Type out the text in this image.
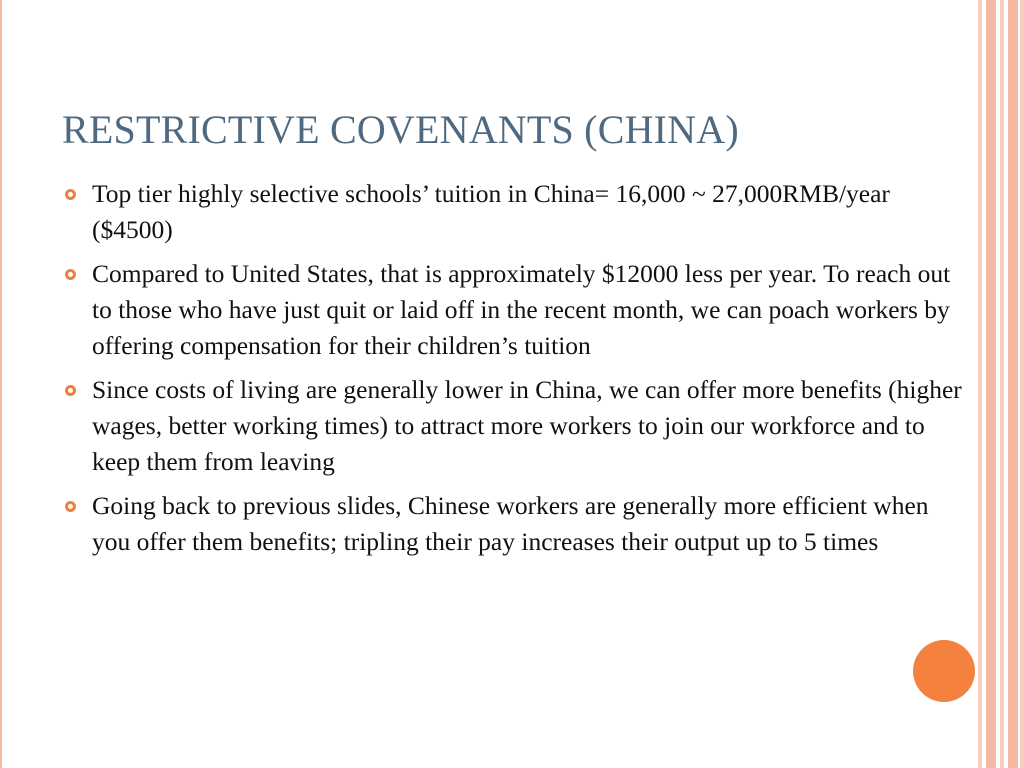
RESTRICTIVE COVENANTS (CHINA)
Top tier highly selective schools’ tuition in China= 16,000 ~ 27,000RMB/year ($4500)
Compared to United States, that is approximately $12000 less per year. To reach out to those who have just quit or laid off in the recent month, we can poach workers by offering compensation for their children’s tuition
Since costs of living are generally lower in China, we can offer more benefits (higher wages, better working times) to attract more workers to join our workforce and to keep them from leaving
Going back to previous slides, Chinese workers are generally more efficient when you offer them benefits; tripling their pay increases their output up to 5 times
